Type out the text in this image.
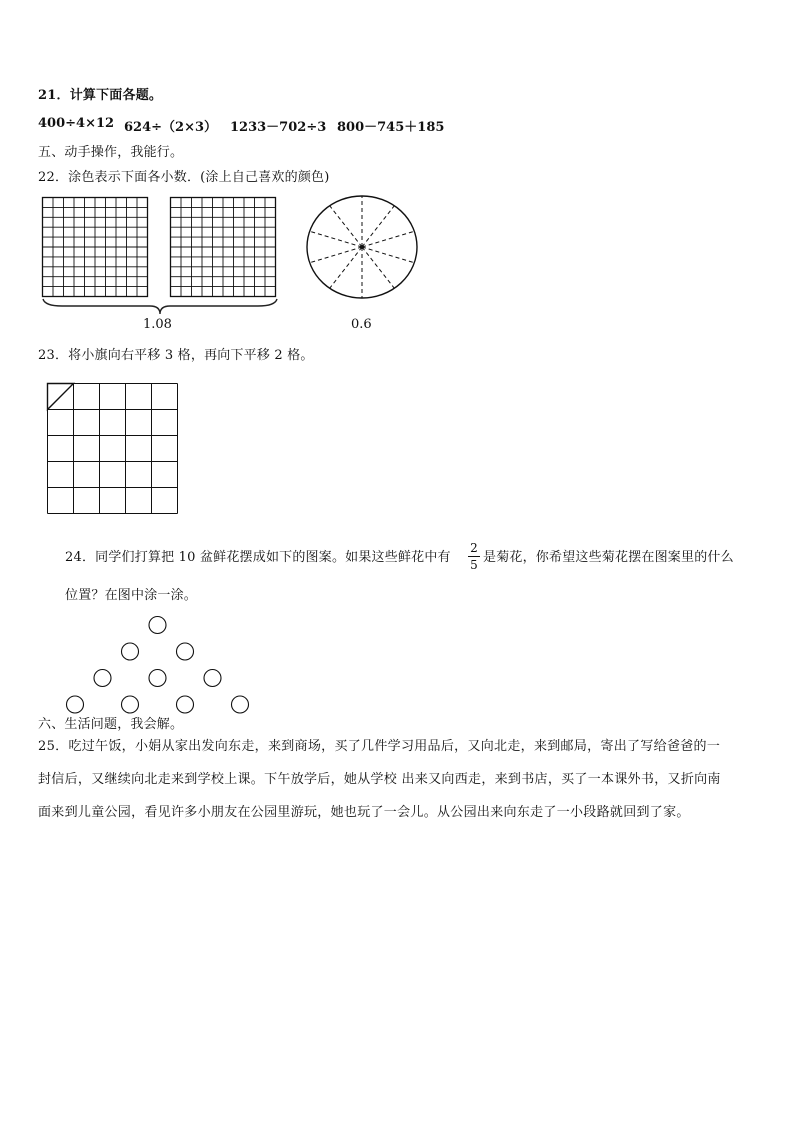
21．计算下面各题。
400÷4×12 624÷（2×3） 1233－702÷3 800－745＋185
五、动手操作，我能行。
22．涂色表示下面各小数．(涂上自己喜欢的颜色)
1.08	0.6
23．将小旗向右平移 3 格，再向下平移 2 格。
24．同学们打算把 10 盆鲜花摆成如下的图案。如果这些鲜花中有
2
5 是菊花，你希望这些菊花摆在图案里的什么
位置？在图中涂一涂。
六、生活问题，我会解。
25．吃过午饭，小娟从家出发向东走，来到商场，买了几件学习用品后，又向北走，来到邮局，寄出了写给爸爸的一
封信后，又继续向北走来到学校上课。下午放学后，她从学校 出来又向西走，来到书店，买了一本课外书，又折向南
面来到儿童公园，看见许多小朋友在公园里游玩，她也玩了一会儿。从公园出来向东走了一小段路就回到了家。
